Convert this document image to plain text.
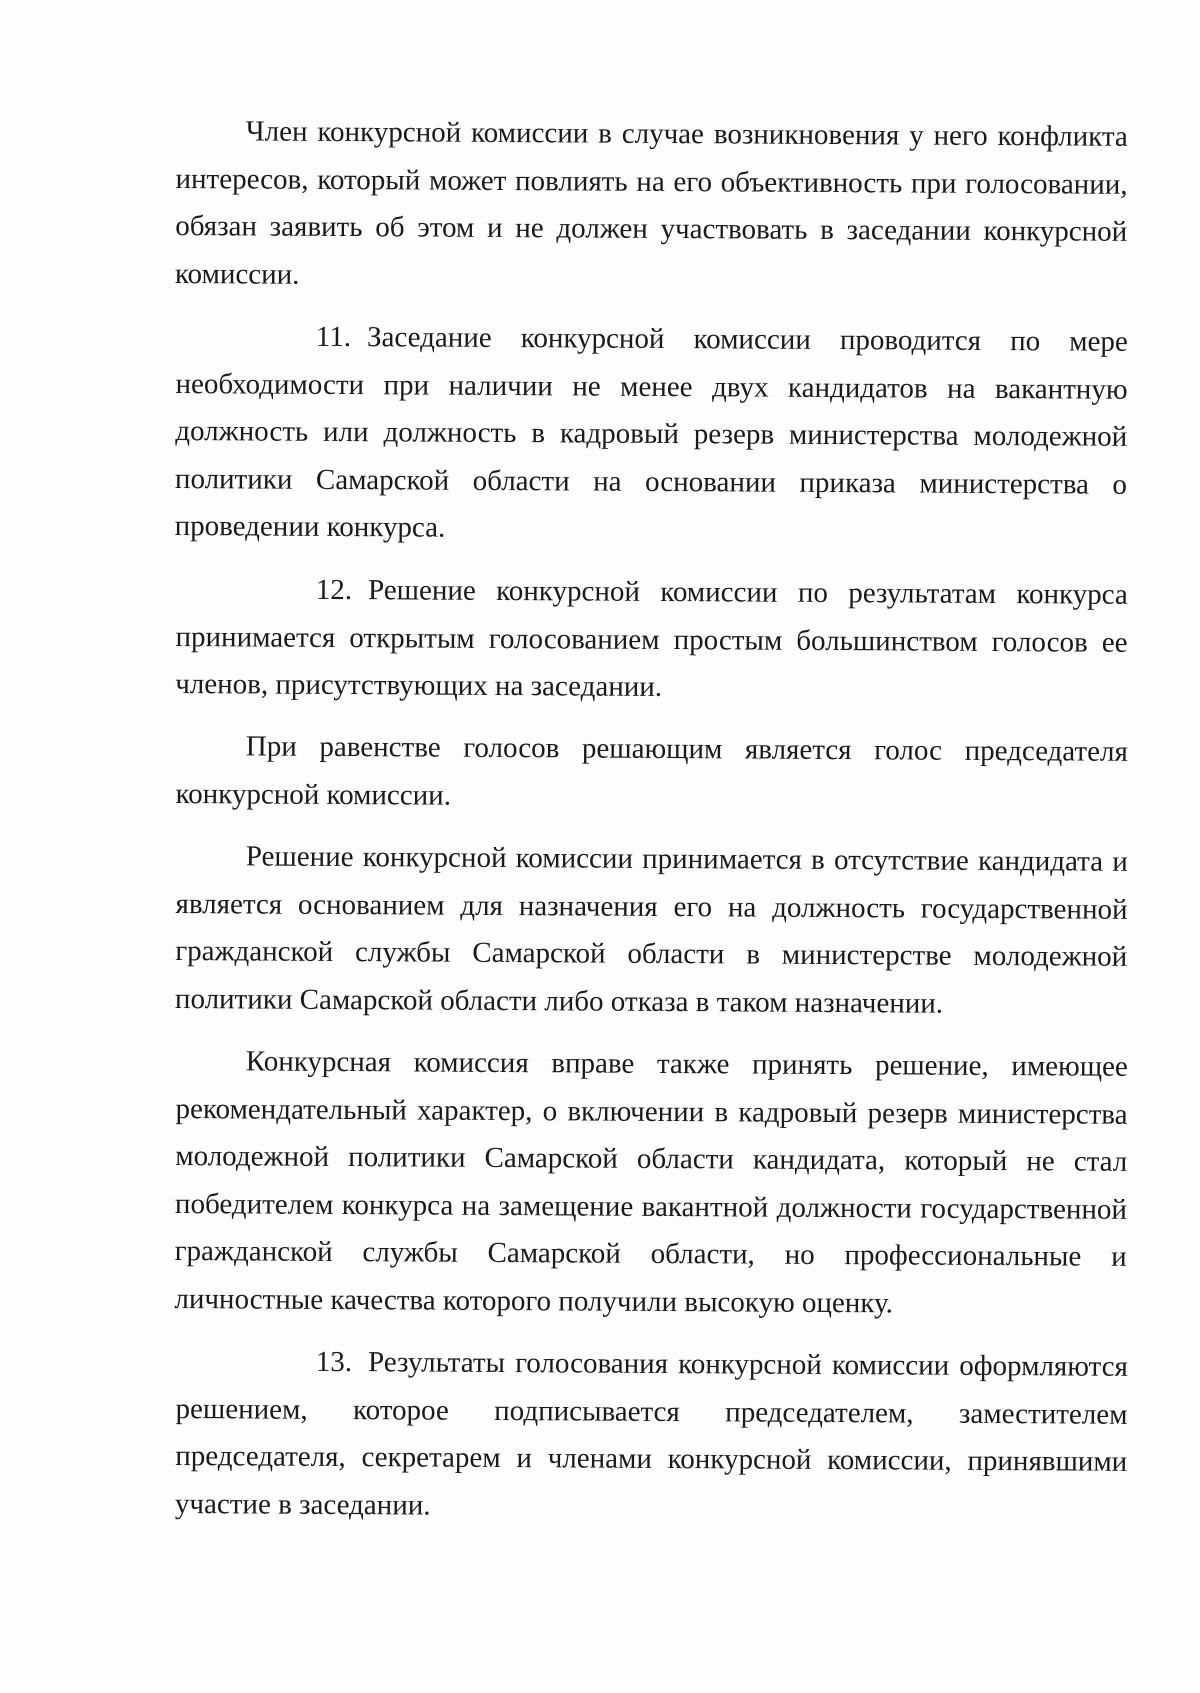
Член конкурсной комиссии в случае возникновения у него конфликта интересов, который может повлиять на его объективность при голосовании, обязан заявить об этом и не должен участвовать в заседании конкурсной комиссии.

11. Заседание конкурсной комиссии проводится по мере необходимости при наличии не менее двух кандидатов на вакантную должность или должность в кадровый резерв министерства молодежной политики Самарской области на основании приказа министерства о проведении конкурса.

12. Решение конкурсной комиссии по результатам конкурса принимается открытым голосованием простым большинством голосов ее членов, присутствующих на заседании.

При равенстве голосов решающим является голос председателя конкурсной комиссии.

Решение конкурсной комиссии принимается в отсутствие кандидата и является основанием для назначения его на должность государственной гражданской службы Самарской области в министерстве молодежной политики Самарской области либо отказа в таком назначении.

Конкурсная комиссия вправе также принять решение, имеющее рекомендательный характер, о включении в кадровый резерв министерства молодежной политики Самарской области кандидата, который не стал победителем конкурса на замещение вакантной должности государственной гражданской службы Самарской области, но профессиональные и личностные качества которого получили высокую оценку.

13. Результаты голосования конкурсной комиссии оформляются решением, которое подписывается председателем, заместителем председателя, секретарем и членами конкурсной комиссии, принявшими участие в заседании.
